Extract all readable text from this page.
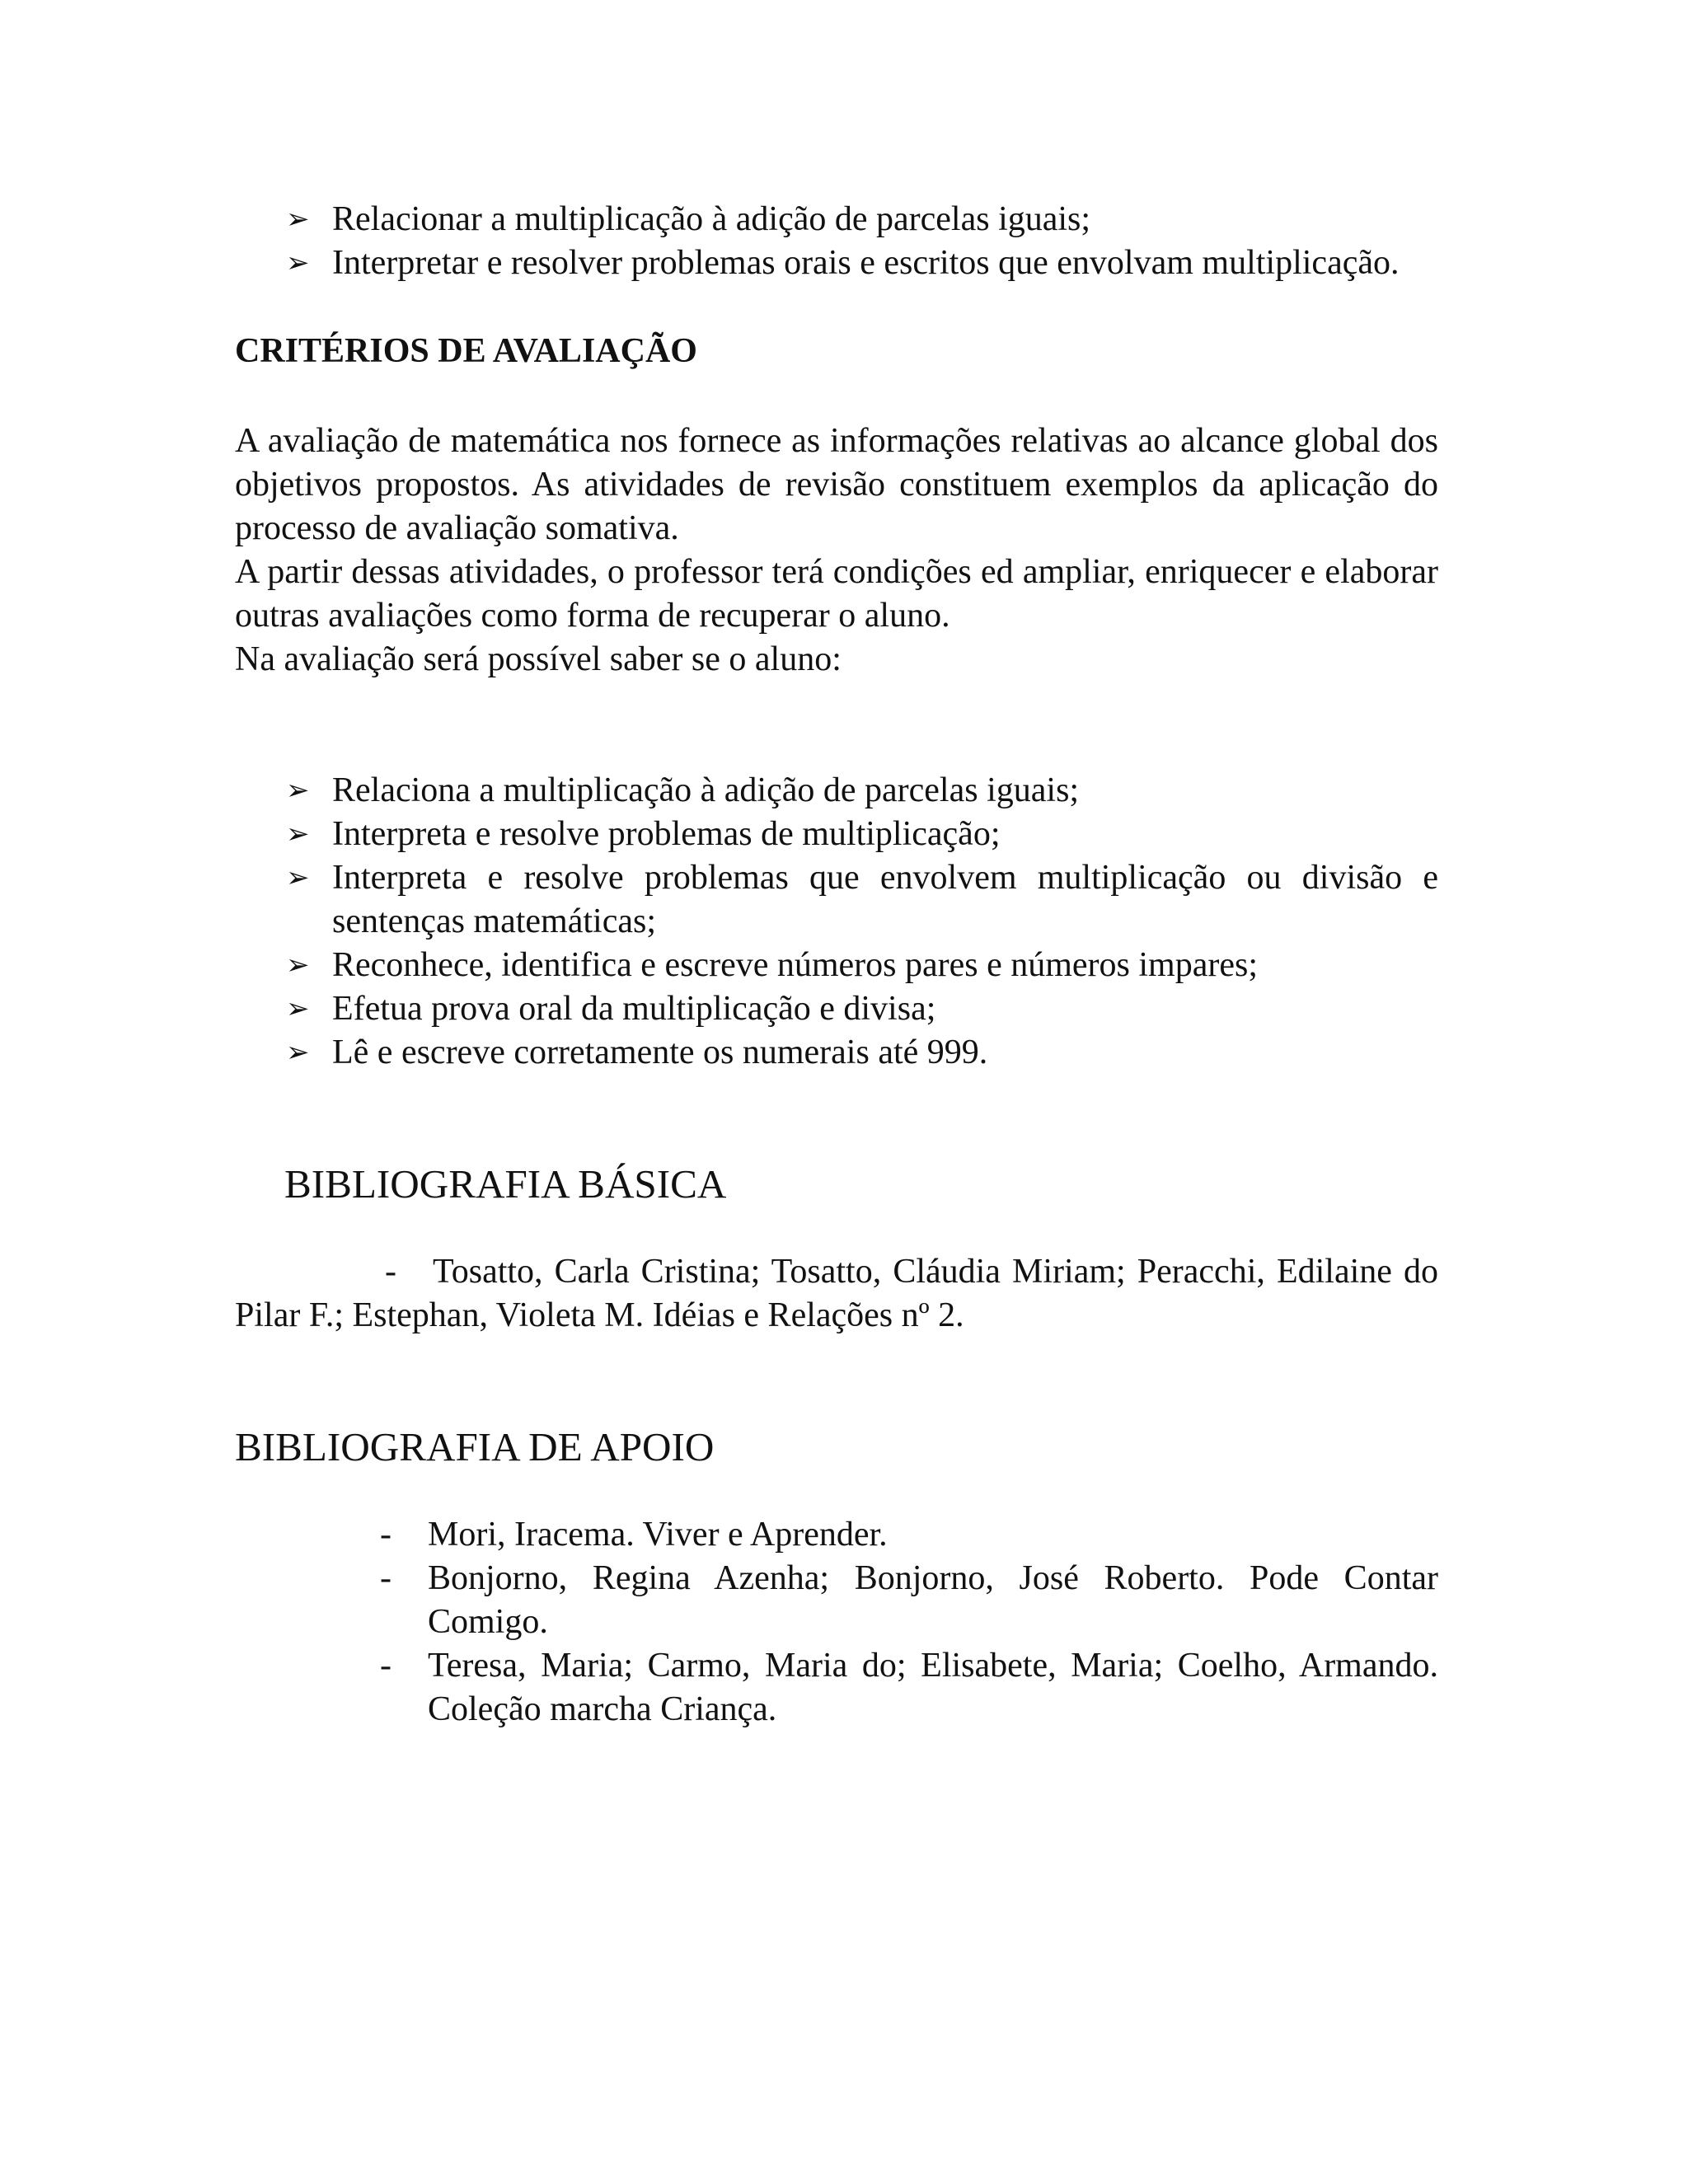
➢ Relacionar a multiplicação à adição de parcelas iguais;
➢ Interpretar e resolver problemas orais e escritos que envolvam multiplicação.
CRITÉRIOS DE AVALIAÇÃO

A avaliação de matemática nos fornece as informações relativas ao alcance global dos objetivos propostos. As atividades de revisão constituem exemplos da aplicação do processo de avaliação somativa.

A partir dessas atividades, o professor terá condições ed ampliar, enriquecer e elaborar outras avaliações como forma de recuperar o aluno.

Na avaliação será possível saber se o aluno:

➢ Relaciona a multiplicação à adição de parcelas iguais;
➢ Interpreta e resolve problemas de multiplicação;
➢ Interpreta e resolve problemas que envolvem multiplicação ou divisão e sentenças matemáticas;
➢ Reconhece, identifica e escreve números pares e números impares;
➢ Efetua prova oral da multiplicação e divisa;
➢ Lê e escreve corretamente os numerais até 999.
BIBLIOGRAFIA BÁSICA

- Tosatto, Carla Cristina; Tosatto, Cláudia Miriam; Peracchi, Edilaine do Pilar F.; Estephan, Violeta M. Idéias e Relações nº 2.

BIBLIOGRAFIA DE APOIO
- Mori, Iracema. Viver e Aprender.
- Bonjorno, Regina Azenha; Bonjorno, José Roberto. Pode Contar Comigo.
- Teresa, Maria; Carmo, Maria do; Elisabete, Maria; Coelho, Armando. Coleção marcha Criança.
